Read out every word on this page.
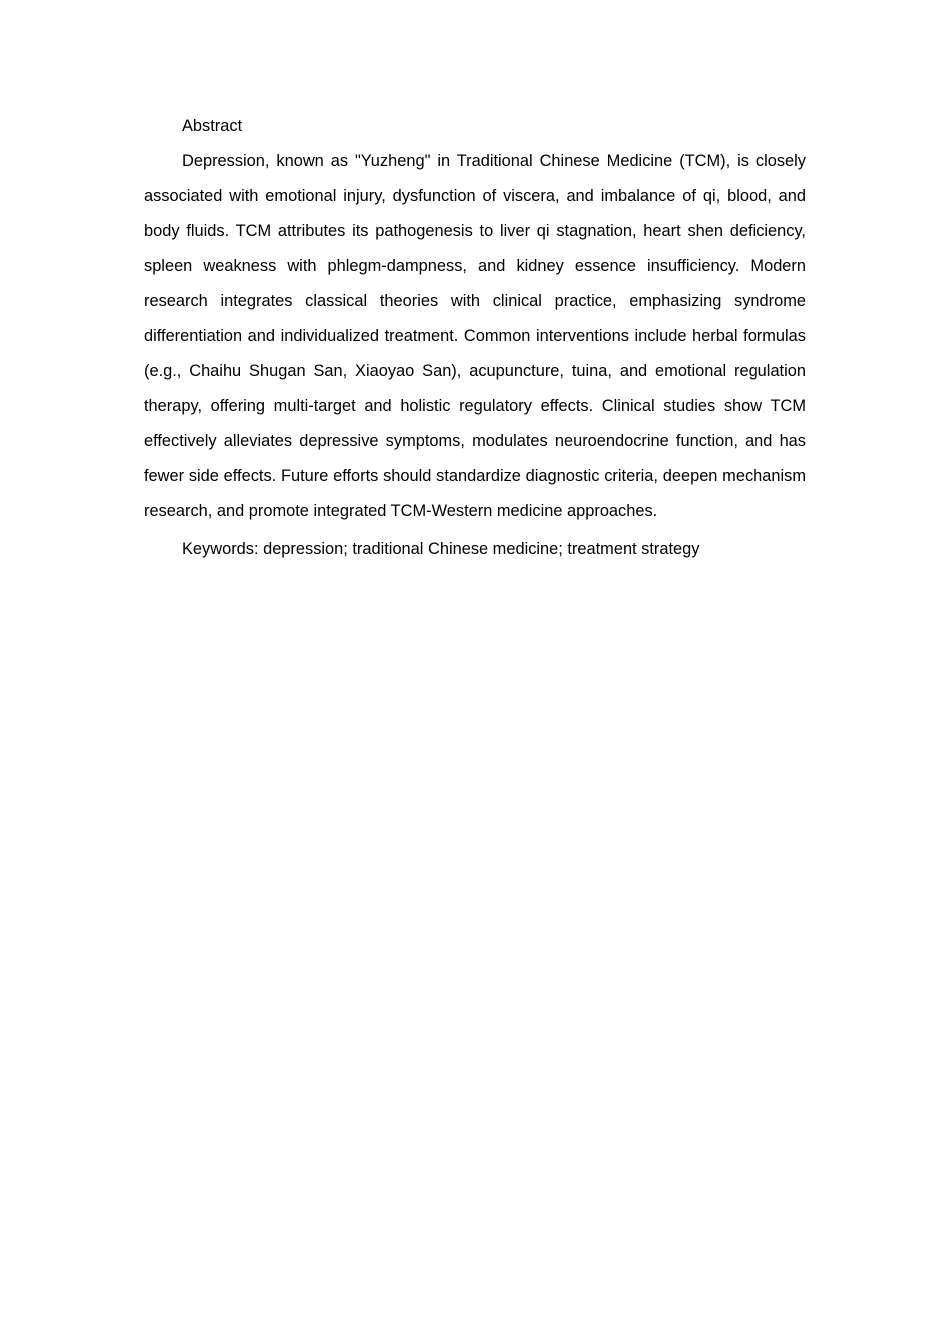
Abstract

Depression, known as "Yuzheng" in Traditional Chinese Medicine (TCM), is closely associated with emotional injury, dysfunction of viscera, and imbalance of qi, blood, and body fluids. TCM attributes its pathogenesis to liver qi stagnation, heart shen deficiency, spleen weakness with phlegm-dampness, and kidney essence insufficiency. Modern research integrates classical theories with clinical practice, emphasizing syndrome differentiation and individualized treatment. Common interventions include herbal formulas (e.g., Chaihu Shugan San, Xiaoyao San), acupuncture, tuina, and emotional regulation therapy, offering multi-target and holistic regulatory effects. Clinical studies show TCM effectively alleviates depressive symptoms, modulates neuroendocrine function, and has fewer side effects. Future efforts should standardize diagnostic criteria, deepen mechanism research, and promote integrated TCM-Western medicine approaches.

Keywords: depression; traditional Chinese medicine; treatment strategy
